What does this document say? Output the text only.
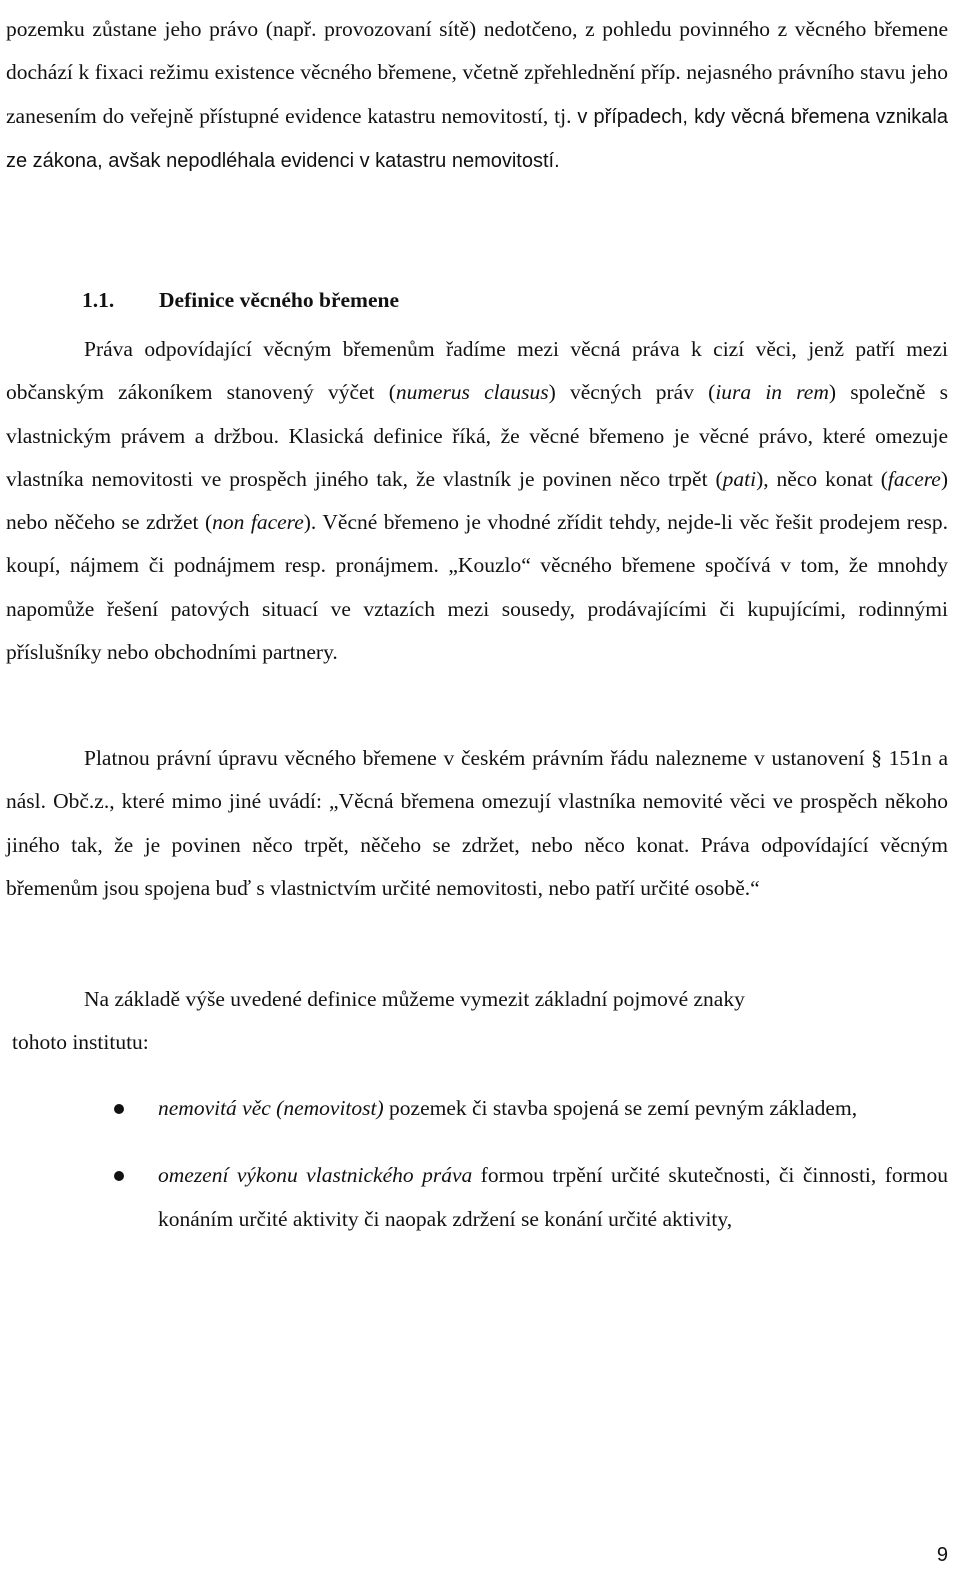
pozemku zůstane jeho právo (např. provozovaní sítě) nedotčeno, z pohledu povinného z věcného břemene dochází k fixaci režimu existence věcného břemene, včetně zpřehlednění příp. nejasného právního stavu jeho zanesením do veřejně přístupné evidence katastru nemovitostí, tj. v případech, kdy věcná břemena vznikala ze zákona, avšak nepodléhala evidenci v katastru nemovitostí.

1.1. Definice věcného břemene

Práva odpovídající věcným břemenům řadíme mezi věcná práva k cizí věci, jenž patří mezi občanským zákoníkem stanovený výčet (numerus clausus) věcných práv (iura in rem) společně s vlastnickým právem a držbou. Klasická definice říká, že věcné břemeno je věcné právo, které omezuje vlastníka nemovitosti ve prospěch jiného tak, že vlastník je povinen něco trpět (pati), něco konat (facere) nebo něčeho se zdržet (non facere). Věcné břemeno je vhodné zřídit tehdy, nejde-li věc řešit prodejem resp. koupí, nájmem či podnájmem resp. pronájmem. „Kouzlo“ věcného břemene spočívá v tom, že mnohdy napomůže řešení patových situací ve vztazích mezi sousedy, prodávajícími či kupujícími, rodinnými příslušníky nebo obchodními partnery.

Platnou právní úpravu věcného břemene v českém právním řádu nalezneme v ustanovení § 151n a násl. Obč.z., které mimo jiné uvádí: „Věcná břemena omezují vlastníka nemovité věci ve prospěch někoho jiného tak, že je povinen něco trpět, něčeho se zdržet, nebo něco konat. Práva odpovídající věcným břemenům jsou spojena buď s vlastnictvím určité nemovitosti, nebo patří určité osobě.“

Na základě výše uvedené definice můžeme vymezit základní pojmové znaky
tohoto institutu:

nemovitá věc (nemovitost) pozemek či stavba spojená se zemí pevným základem,
omezení výkonu vlastnického práva formou trpění určité skutečnosti, či činnosti, formou konáním určité aktivity či naopak zdržení se konání určité aktivity,
9
